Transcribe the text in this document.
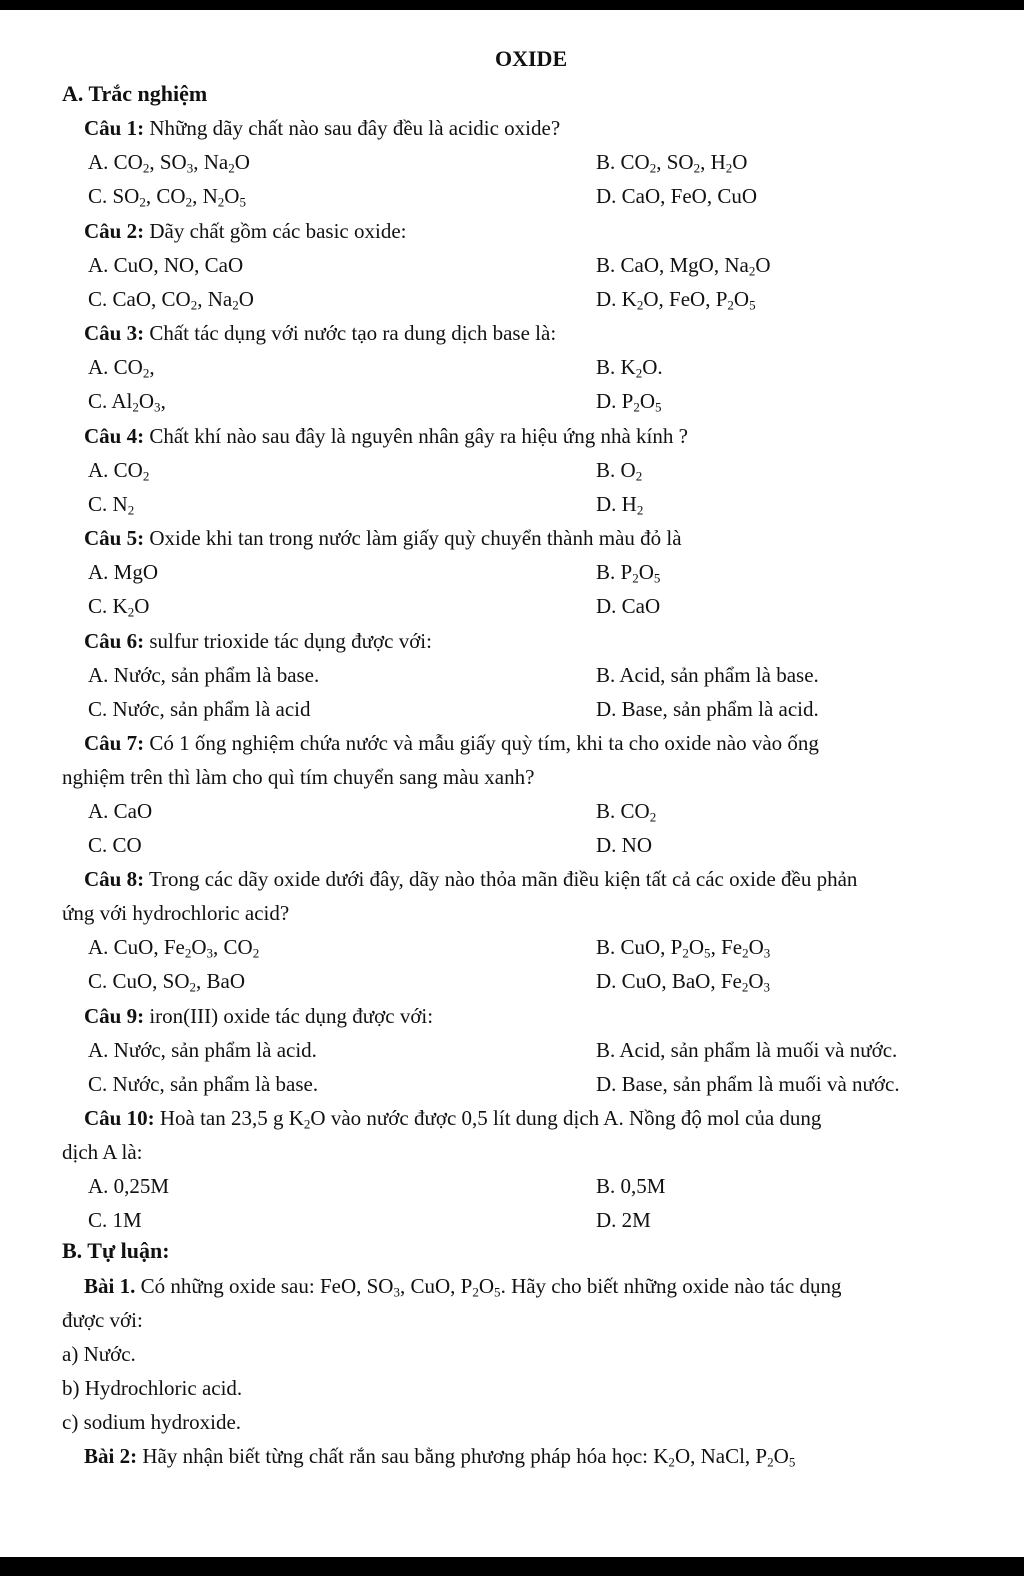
OXIDE
A. Trắc nghiệm
Câu 1: Những dãy chất nào sau đây đều là acidic oxide?
A. $CO_2$, $SO_3$, $Na_2O$	B. $CO_2$, $SO_2$, $H_2O$
C. $SO_2$, $CO_2$, $N_2O_5$	D. CaO, FeO, CuO
Câu 2: Dãy chất gồm các basic oxide:
A. CuO, NO, CaO	B. CaO, MgO, $Na_2O$
C. CaO, $CO_2$, $Na_2O$	D. $K_2O$, FeO, $P_2O_5$
Câu 3: Chất tác dụng với nước tạo ra dung dịch base là:
A. $CO_2$,	B. $K_2O$.
C. $Al_2O_3$,	D. $P_2O_5$
Câu 4: Chất khí nào sau đây là nguyên nhân gây ra hiệu ứng nhà kính ?
A. $CO_2$	B. $O_2$
C. $N_2$	D. $H_2$
Câu 5: Oxide khi tan trong nước làm giấy quỳ chuyển thành màu đỏ là
A. MgO	B. $P_2O_5$
C. $K_2O$	D. CaO
Câu 6: sulfur trioxide tác dụng được với:
A. Nước, sản phẩm là base.	B. Acid, sản phẩm là base.
C. Nước, sản phẩm là acid	D. Base, sản phẩm là acid.
Câu 7: Có 1 ống nghiệm chứa nước và mẫu giấy quỳ tím, khi ta cho oxide nào vào ống
nghiệm trên thì làm cho quì tím chuyển sang màu xanh?
A. CaO	B. $CO_2$
C. CO	D. NO
Câu 8: Trong các dãy oxide dưới đây, dãy nào thỏa mãn điều kiện tất cả các oxide đều phản
ứng với hydrochloric acid?
A. CuO, $Fe_2O_3$, $CO_2$	B. CuO, $P_2O_5$, $Fe_2O_3$
C. CuO, $SO_2$, BaO	D. CuO, BaO, $Fe_2O_3$
Câu 9: iron(III) oxide tác dụng được với:
A. Nước, sản phẩm là acid.	B. Acid, sản phẩm là muối và nước.
C. Nước, sản phẩm là base.	D. Base, sản phẩm là muối và nước.
Câu 10: Hoà tan 23,5 g $K_2O$ vào nước được 0,5 lít dung dịch A. Nồng độ mol của dung
dịch A là:
A. 0,25M	B. 0,5M
C. 1M	D. 2M
B. Tự luận:
Bài 1. Có những oxide sau: FeO, $SO_3$, CuO, $P_2O_5$. Hãy cho biết những oxide nào tác dụng
được với:
a) Nước.
b) Hydrochloric acid.
c) sodium hydroxide.
Bài 2: Hãy nhận biết từng chất rắn sau bằng phương pháp hóa học: $K_2O$, NaCl, $P_2O_5$
